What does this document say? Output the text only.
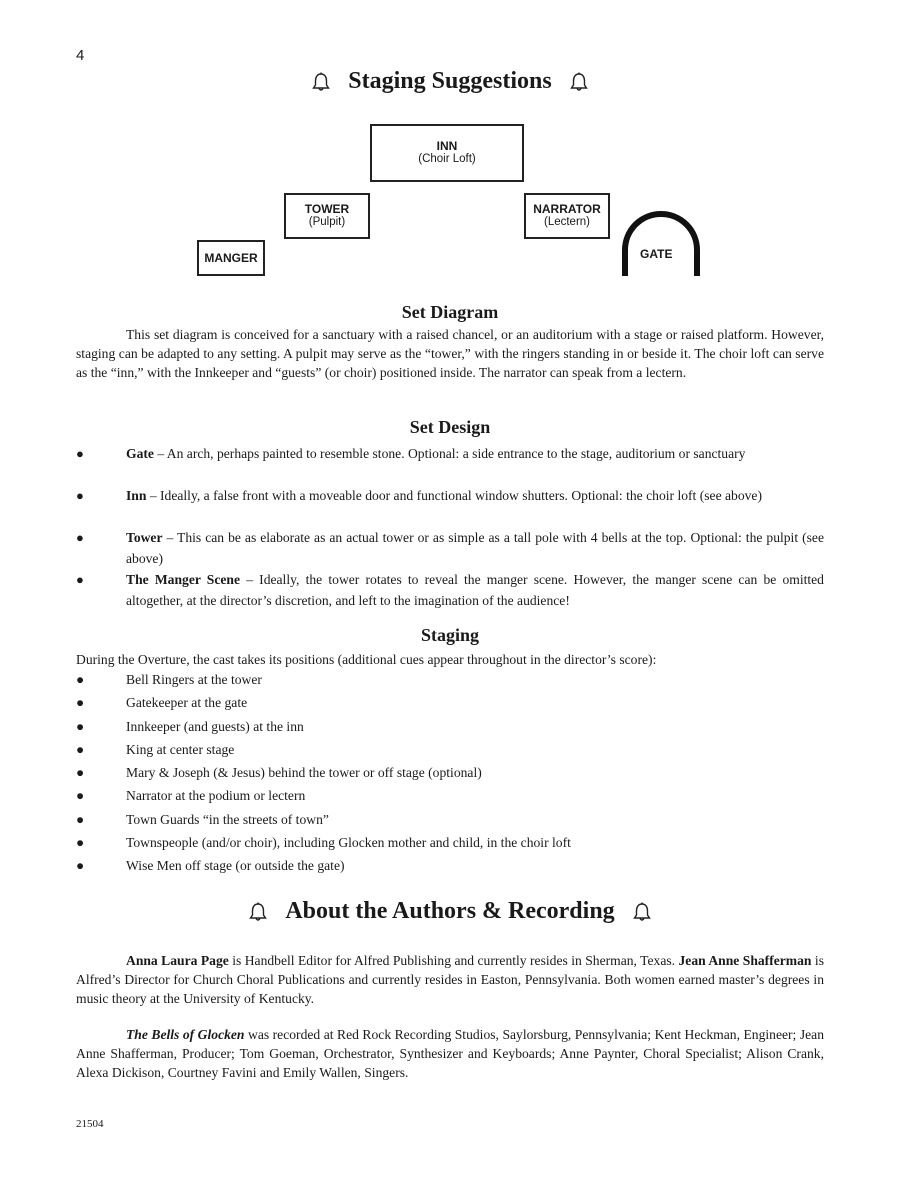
4
Staging Suggestions
INN
(Choir Loft)
TOWER
(Pulpit)
NARRATOR
(Lectern)
MANGER	GATE
Set Diagram
This set diagram is conceived for a sanctuary with a raised chancel, or an auditorium with a stage or raised platform. However, staging can be adapted to any setting. A pulpit may serve as the “tower,” with the ringers standing in or beside it. The choir loft can serve as the “inn,” with the Innkeeper and “guests” (or choir) positioned inside. The narrator can speak from a lectern.
Set Design
●	Gate – An arch, perhaps painted to resemble stone. Optional: a side entrance to the stage, auditorium or sanctuary
●	Inn – Ideally, a false front with a moveable door and functional window shutters. Optional: the choir loft (see above)
●	Tower – This can be as elaborate as an actual tower or as simple as a tall pole with 4 bells at the top. Optional: the pulpit (see above)
●	The Manger Scene – Ideally, the tower rotates to reveal the manger scene. However, the manger scene can be omitted altogether, at the director’s discretion, and left to the imagination of the audience!
Staging
During the Overture, the cast takes its positions (additional cues appear throughout in the director’s score):
●	Bell Ringers at the tower
●	Gatekeeper at the gate
●	Innkeeper (and guests) at the inn
●	King at center stage
●	Mary & Joseph (& Jesus) behind the tower or off stage (optional)
●	Narrator at the podium or lectern
●	Town Guards “in the streets of town”
●	Townspeople (and/or choir), including Glocken mother and child, in the choir loft
●	Wise Men off stage (or outside the gate)
About the Authors & Recording
Anna Laura Page is Handbell Editor for Alfred Publishing and currently resides in Sherman, Texas. Jean Anne Shafferman is Alfred’s Director for Church Choral Publications and currently resides in Easton, Pennsylvania. Both women earned master’s degrees in music theory at the University of Kentucky.
The Bells of Glocken was recorded at Red Rock Recording Studios, Saylorsburg, Pennsylvania; Kent Heckman, Engineer; Jean Anne Shafferman, Producer; Tom Goeman, Orchestrator, Synthesizer and Keyboards; Anne Paynter, Choral Specialist; Alison Crank, Alexa Dickison, Courtney Favini and Emily Wallen, Singers.
21504
